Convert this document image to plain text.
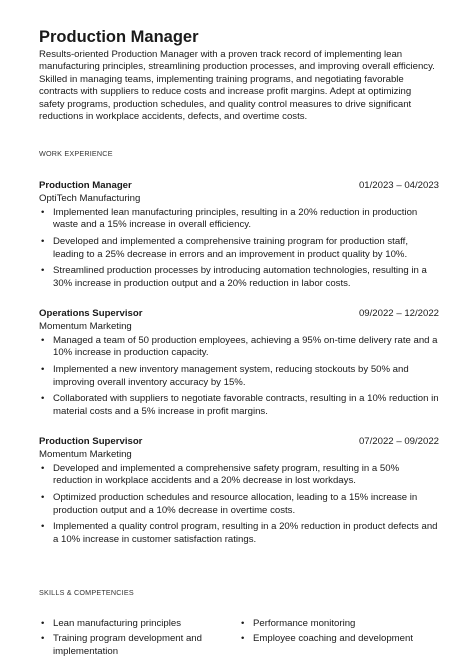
Production Manager

Results-oriented Production Manager with a proven track record of implementing lean manufacturing principles, streamlining production processes, and improving overall efficiency. Skilled in managing teams, implementing training programs, and negotiating favorable contracts with suppliers to reduce costs and increase profit margins. Adept at optimizing safety programs, production schedules, and quality control measures to drive significant reductions in workplace accidents, defects, and overtime costs.

WORK EXPERIENCE
Production Manager	01/2023 – 04/2023
OptiTech Manufacturing
• Implemented lean manufacturing principles, resulting in a 20% reduction in production waste and a 15% increase in overall efficiency.
• Developed and implemented a comprehensive training program for production staff, leading to a 25% decrease in errors and an improvement in product quality by 10%.
• Streamlined production processes by introducing automation technologies, resulting in a 30% increase in production output and a 20% reduction in labor costs.
Operations Supervisor	09/2022 – 12/2022
Momentum Marketing
• Managed a team of 50 production employees, achieving a 95% on-time delivery rate and a 10% increase in production capacity.
• Implemented a new inventory management system, reducing stockouts by 50% and improving overall inventory accuracy by 15%.
• Collaborated with suppliers to negotiate favorable contracts, resulting in a 10% reduction in material costs and a 5% increase in profit margins.
Production Supervisor	07/2022 – 09/2022
Momentum Marketing
• Developed and implemented a comprehensive safety program, resulting in a 50% reduction in workplace accidents and a 20% decrease in lost workdays.
• Optimized production schedules and resource allocation, leading to a 15% increase in production output and a 10% decrease in overtime costs.
• Implemented a quality control program, resulting in a 20% reduction in product defects and a 10% increase in customer satisfaction ratings.
SKILLS & COMPETENCIES
• Lean manufacturing principles
• Training program development and implementation
• Performance monitoring
• Employee coaching and development
